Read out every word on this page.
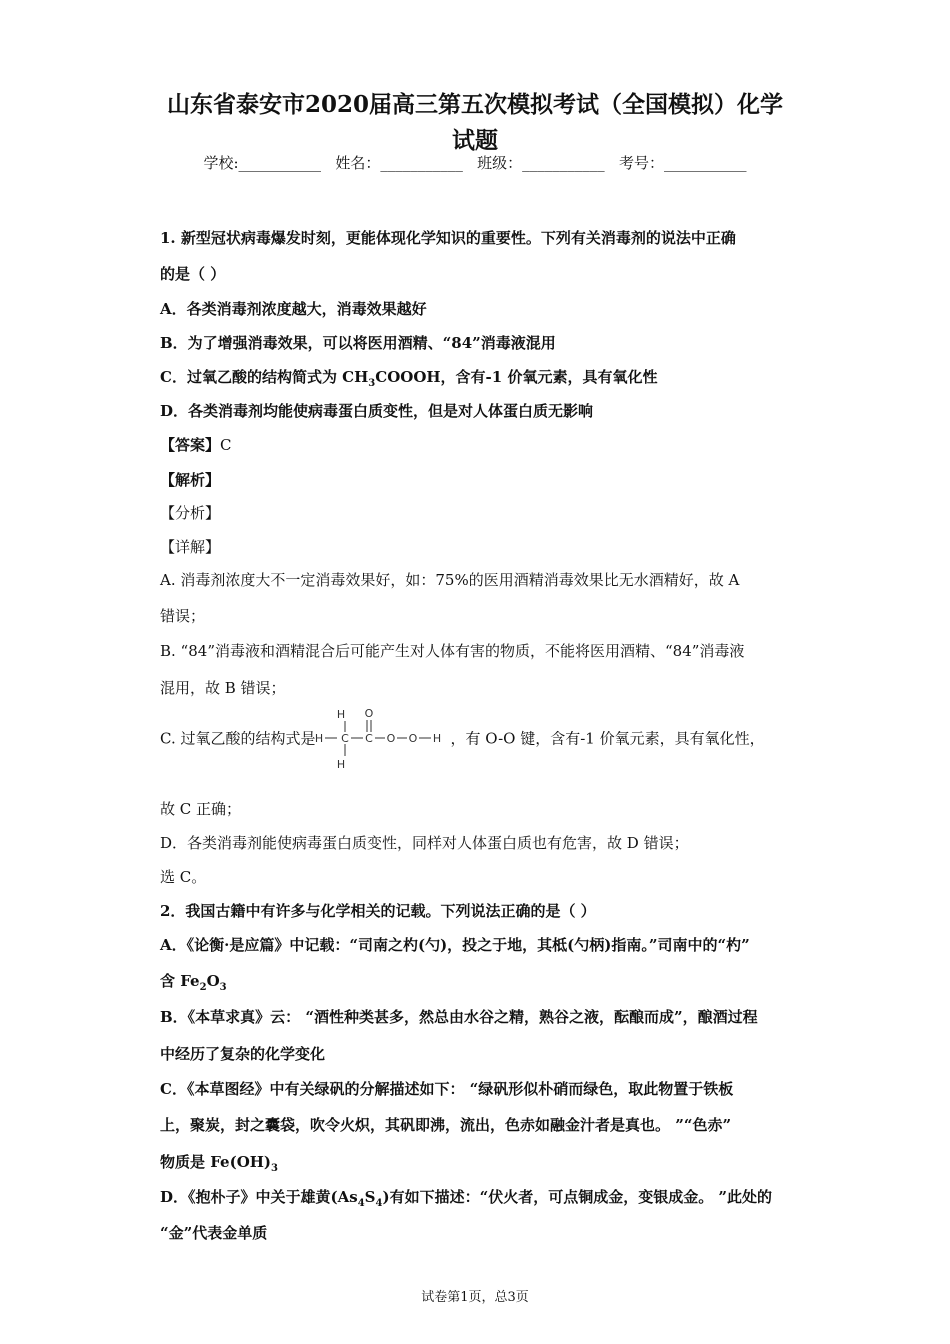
山东省泰安市2020届高三第五次模拟考试（全国模拟）化学
试题
学校:___________ 姓名：___________ 班级：___________ 考号：___________
1. 新型冠状病毒爆发时刻，更能体现化学知识的重要性。下列有关消毒剂的说法中正确
的是（ ）
A．各类消毒剂浓度越大，消毒效果越好
B．为了增强消毒效果，可以将医用酒精、“84”消毒液混用
C．过氧乙酸的结构简式为 $CH_3COOOH$，含有-1 价氧元素，具有氧化性
D．各类消毒剂均能使病毒蛋白质变性，但是对人体蛋白质无影响
【答案】C
【解析】
【分析】
【详解】
A. 消毒剂浓度大不一定消毒效果好，如：75%的医用酒精消毒效果比无水酒精好，故 A
错误；
B. “84”消毒液和酒精混合后可能产生对人体有害的物质，不能将医用酒精、“84”消毒液
混用，故 B 错误；
C. 过氧乙酸的结构式是
H
H C C
O
O O H
H
，有 O-O 键，含有-1 价氧元素，具有氧化性，
故 C 正确；
D．各类消毒剂能使病毒蛋白质变性，同样对人体蛋白质也有危害，故 D 错误；
选 C。
2．我国古籍中有许多与化学相关的记载。下列说法正确的是（ ）
A．《论衡·是应篇》中记载：“司南之杓(勺)，投之于地，其柢(勺柄)指南。”司南中的“杓”
含 $Fe_2O_3$
B．《本草求真》云： “酒性种类甚多，然总由水谷之精，熟谷之液，酝酿而成”，酿酒过程
中经历了复杂的化学变化
C．《本草图经》中有关绿矾的分解描述如下： “绿矾形似朴硝而绿色，取此物置于铁板
上，聚炭，封之囊袋，吹令火炽，其矾即沸，流出，色赤如融金汁者是真也。 ”“色赤”
物质是 $Fe(OH)_3$
D．《抱朴子》中关于雄黄$(As_4S_4)$有如下描述：“伏火者，可点铜成金，变银成金。 ”此处的
“金”代表金单质
试卷第1页，总3页
